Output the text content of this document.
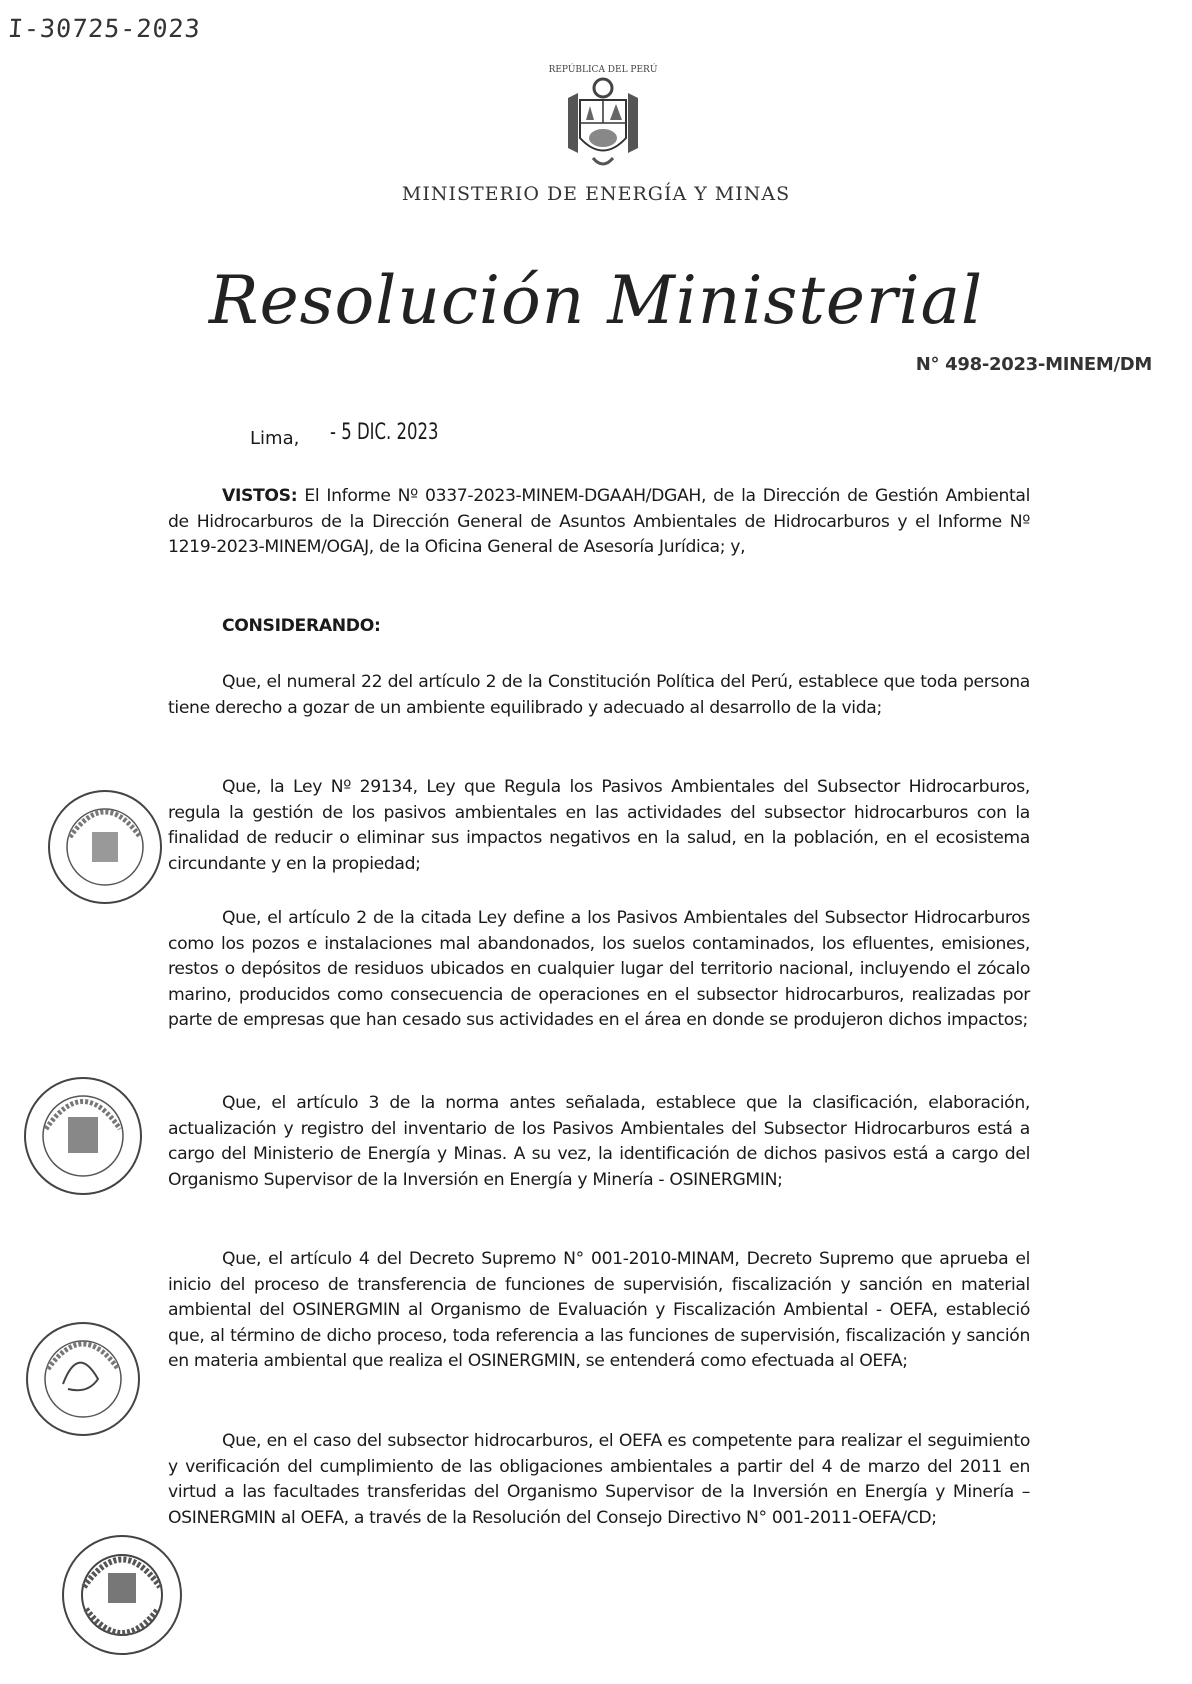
I-30725-2023
REPÚBLICA DEL PERÚ
MINISTERIO DE ENERGÍA Y MINAS
Resolución Ministerial
N° 498-2023-MINEM/DM
Lima, - 5 DIC. 2023
VISTOS: El Informe Nº 0337-2023-MINEM-DGAAH/DGAH, de la Dirección de Gestión Ambiental de Hidrocarburos de la Dirección General de Asuntos Ambientales de Hidrocarburos y el Informe Nº 1219-2023-MINEM/OGAJ, de la Oficina General de Asesoría Jurídica; y,
CONSIDERANDO:
Que, el numeral 22 del artículo 2 de la Constitución Política del Perú, establece que toda persona tiene derecho a gozar de un ambiente equilibrado y adecuado al desarrollo de la vida;
Que, la Ley Nº 29134, Ley que Regula los Pasivos Ambientales del Subsector Hidrocarburos, regula la gestión de los pasivos ambientales en las actividades del subsector hidrocarburos con la finalidad de reducir o eliminar sus impactos negativos en la salud, en la población, en el ecosistema circundante y en la propiedad;
Que, el artículo 2 de la citada Ley define a los Pasivos Ambientales del Subsector Hidrocarburos como los pozos e instalaciones mal abandonados, los suelos contaminados, los efluentes, emisiones, restos o depósitos de residuos ubicados en cualquier lugar del territorio nacional, incluyendo el zócalo marino, producidos como consecuencia de operaciones en el subsector hidrocarburos, realizadas por parte de empresas que han cesado sus actividades en el área en donde se produjeron dichos impactos;
Que, el artículo 3 de la norma antes señalada, establece que la clasificación, elaboración, actualización y registro del inventario de los Pasivos Ambientales del Subsector Hidrocarburos está a cargo del Ministerio de Energía y Minas. A su vez, la identificación de dichos pasivos está a cargo del Organismo Supervisor de la Inversión en Energía y Minería - OSINERGMIN;
Que, el artículo 4 del Decreto Supremo N° 001-2010-MINAM, Decreto Supremo que aprueba el inicio del proceso de transferencia de funciones de supervisión, fiscalización y sanción en material ambiental del OSINERGMIN al Organismo de Evaluación y Fiscalización Ambiental - OEFA, estableció que, al término de dicho proceso, toda referencia a las funciones de supervisión, fiscalización y sanción en materia ambiental que realiza el OSINERGMIN, se entenderá como efectuada al OEFA;
Que, en el caso del subsector hidrocarburos, el OEFA es competente para realizar el seguimiento y verificación del cumplimiento de las obligaciones ambientales a partir del 4 de marzo del 2011 en virtud a las facultades transferidas del Organismo Supervisor de la Inversión en Energía y Minería – OSINERGMIN al OEFA, a través de la Resolución del Consejo Directivo N° 001-2011-OEFA/CD;
